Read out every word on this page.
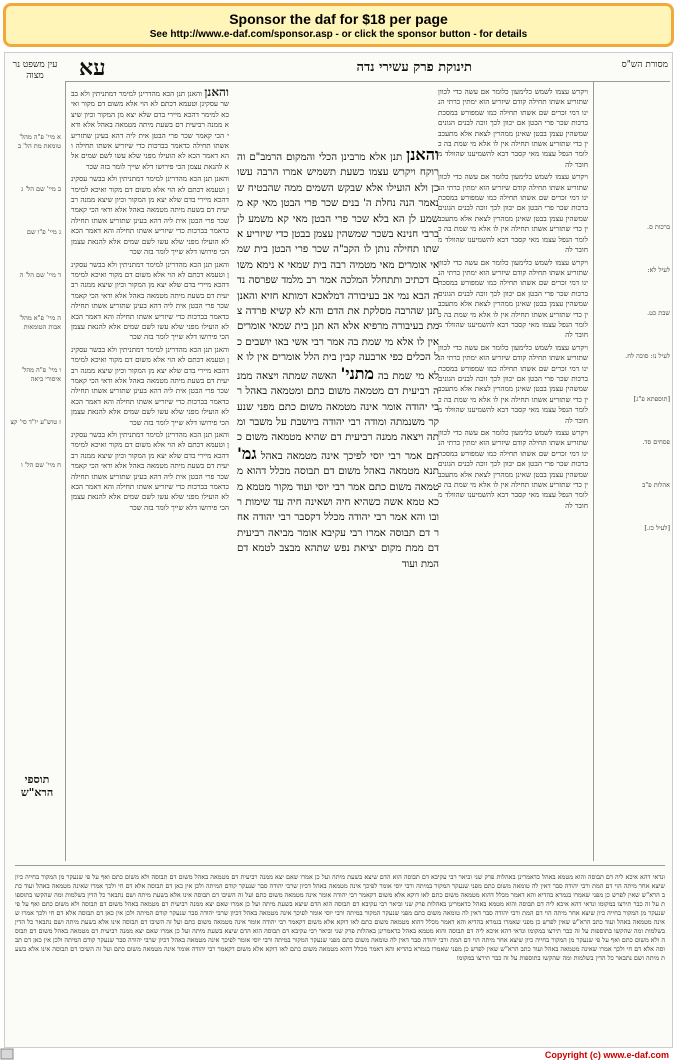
Sponsor the daf for $18 per page
See http://www.e-daf.com/sponsor.asp - or click the sponsor button - for details
מסורת הש"ס
תינוקת פרק עשירי נדה
עא
עין משפט נר מצוה
ברכות ס.
לעיל לא:
שבת כט.
לעיל נו: סוכה לח.
[תוספתא פ"ג]
פסחים סד.
אהלות פ"ב
[לעיל כז.]
א מיי' פ"ה מהל' טומאת מת הל' ב
ב מיי' שם הל' ג
ג מיי' פ"ו שם
ד מיי' שם הל' ה
ה מיי' פ"א מהל' אבות הטומאות
ו מיי' פ"ה מהל' איסורי ביאה
ז טוש"ע יו"ד סי' קצ
ח מיי' שם הל' ו

ויקרש עצמו לשמש כלימעון כלומר אם עשה כדי לכוון שתזריע אשתו תחילה קודם שיזריע הוא ימתין כרתי הנינו דמי זכרים שם אשתו תחילה כמו שמפורש במסכת ברכות שכר פרי הבטן אם יכוון לכך זוכה לבנים הגונים שמשהין עצמן בבטן שאינן ממהרין לצאת אלא מתעכבין כדי שתזריע אשתו תחילה אין לו אלא מי שמת בה כלומר הנפל עצמו מאי קסבר דבא להשמיענו שהוולד מחובר לה

ויקרש עצמו לשמש כלימעון כלומר אם עשה כדי לכוון שתזריע אשתו תחילה קודם שיזריע הוא ימתין כרתי הנינו דמי זכרים שם אשתו תחילה כמו שמפורש במסכת ברכות שכר פרי הבטן אם יכוון לכך זוכה לבנים הגונים שמשהין עצמן בבטן שאינן ממהרין לצאת אלא מתעכבין כדי שתזריע אשתו תחילה אין לו אלא מי שמת בה כלומר הנפל עצמו מאי קסבר דבא להשמיענו שהוולד מחובר לה

ויקרש עצמו לשמש כלימעון כלומר אם עשה כדי לכוון שתזריע אשתו תחילה קודם שיזריע הוא ימתין כרתי הנינו דמי זכרים שם אשתו תחילה כמו שמפורש במסכת ברכות שכר פרי הבטן אם יכוון לכך זוכה לבנים הגונים שמשהין עצמן בבטן שאינן ממהרין לצאת אלא מתעכבין כדי שתזריע אשתו תחילה אין לו אלא מי שמת בה כלומר הנפל עצמו מאי קסבר דבא להשמיענו שהוולד מחובר לה

ויקרש עצמו לשמש כלימעון כלומר אם עשה כדי לכוון שתזריע אשתו תחילה קודם שיזריע הוא ימתין כרתי הנינו דמי זכרים שם אשתו תחילה כמו שמפורש במסכת ברכות שכר פרי הבטן אם יכוון לכך זוכה לבנים הגונים שמשהין עצמן בבטן שאינן ממהרין לצאת אלא מתעכבין כדי שתזריע אשתו תחילה אין לו אלא מי שמת בה כלומר הנפל עצמו מאי קסבר דבא להשמיענו שהוולד מחובר לה

ויקרש עצמו לשמש כלימעון כלומר אם עשה כדי לכוון שתזריע אשתו תחילה קודם שיזריע הוא ימתין כרתי הנינו דמי זכרים שם אשתו תחילה כמו שמפורש במסכת ברכות שכר פרי הבטן אם יכוון לכך זוכה לבנים הגונים שמשהין עצמן בבטן שאינן ממהרין לצאת אלא מתעכבין כדי שתזריע אשתו תחילה אין לו אלא מי שמת בה כלומר הנפל עצמו מאי קסבר דבא להשמיענו שהוולד מחובר לה

והאנן והאנן תנן הכא מהדרינן למימר דמתניתין ולא בבשר עסקינן וטעמא דכתם לא הוי אלא משום דם מקור ואיכא למימר דהכא מיירי בדם שלא יצא מן המקור וכיון שיצא ממנה רביעית דם בשעת מיתה מטמאה באהל אלא ודאי הכי קאמר שכר פרי הבטן אית ליה דהא בעינן שתזריע אשתו תחילה כדאמר בברכות כדי שיזריע אשתו תחילה והא דאמר הכא לא הועילו מפני שלא עשו לשם שמים אלא להנאת עצמן הכי פירושו דלא שייך לומר בזה שכר

והאנן תנן הכא מהדרינן למימר דמתניתין ולא בבשר עסקינן וטעמא דכתם לא הוי אלא משום דם מקור ואיכא למימר דהכא מיירי בדם שלא יצא מן המקור וכיון שיצא ממנה רביעית דם בשעת מיתה מטמאה באהל אלא ודאי הכי קאמר שכר פרי הבטן אית ליה דהא בעינן שתזריע אשתו תחילה כדאמר בברכות כדי שיזריע אשתו תחילה והא דאמר הכא לא הועילו מפני שלא עשו לשם שמים אלא להנאת עצמן הכי פירושו דלא שייך לומר בזה שכר

והאנן תנן הכא מהדרינן למימר דמתניתין ולא בבשר עסקינן וטעמא דכתם לא הוי אלא משום דם מקור ואיכא למימר דהכא מיירי בדם שלא יצא מן המקור וכיון שיצא ממנה רביעית דם בשעת מיתה מטמאה באהל אלא ודאי הכי קאמר שכר פרי הבטן אית ליה דהא בעינן שתזריע אשתו תחילה כדאמר בברכות כדי שיזריע אשתו תחילה והא דאמר הכא לא הועילו מפני שלא עשו לשם שמים אלא להנאת עצמן הכי פירושו דלא שייך לומר בזה שכר

והאנן תנן הכא מהדרינן למימר דמתניתין ולא בבשר עסקינן וטעמא דכתם לא הוי אלא משום דם מקור ואיכא למימר דהכא מיירי בדם שלא יצא מן המקור וכיון שיצא ממנה רביעית דם בשעת מיתה מטמאה באהל אלא ודאי הכי קאמר שכר פרי הבטן אית ליה דהא בעינן שתזריע אשתו תחילה כדאמר בברכות כדי שיזריע אשתו תחילה והא דאמר הכא לא הועילו מפני שלא עשו לשם שמים אלא להנאת עצמן הכי פירושו דלא שייך לומר בזה שכר

והאנן תנן הכא מהדרינן למימר דמתניתין ולא בבשר עסקינן וטעמא דכתם לא הוי אלא משום דם מקור ואיכא למימר דהכא מיירי בדם שלא יצא מן המקור וכיון שיצא ממנה רביעית דם בשעת מיתה מטמאה באהל אלא ודאי הכי קאמר שכר פרי הבטן אית ליה דהא בעינן שתזריע אשתו תחילה כדאמר בברכות כדי שיזריע אשתו תחילה והא דאמר הכא לא הועילו מפני שלא עשו לשם שמים אלא להנאת עצמן הכי פירושו דלא שייך לומר בזה שכר

והאנן תנן אלא מרבינן הכלי והמקום הרמב"ם והרוקח ויקרש עצמו כשעת תשמיש אמרו הרבה עשו כן ולא הועילו אלא שבקש השמים ממה שהבטיח שנאמר הנה נחלת ה' בנים שכר פרי הבטן מאי קא משמע לן הא בלא שכר פרי הבטן מאי קא משמע לן ברבי חנינא בשכר שמשהין עצמן בבטן כדי שיזריע אשתו תחילה נותן לו הקב"ה שכר פרי הבטן בית שמאי אומרים מאי מטמיה רבה בית שמאי א נימא משום דכתיב ותתחלל המלכה אמר רב מלמד שפרסה נדה הבא נמי אב בעיבורה דמלאכא דמותא חזיא והאנן תנן שהרבה מסלקת את הדם והא לא קשיא פרדה צמת בעיבורה מרפיא אלא הא תנן בית שמאי אומרים אין לו אלא מי שמת בה אמר רבי אשי באו יושבים כל הכלים כפי ארבעה קבין בית הלל אומרים אין לו אלא מי שמת בה מתני' האשה שמתה ויצאה ממנה רביעית דם מטמאה משום כתם ומטמאה באהל רבי יהודה אומר אינה מטמאה משום כתם מפני שנעקר משנמתה ומודה רבי יהודה ביושבת על משבר ומתה ויצאה ממנה רביעית דם שהיא מטמאה משום כתם אמר רבי יוסי לפיכך אינה מטמאה באהל גמ' תנא מטמאה באהל משום דם תבוסה מכלל דהוא מטמאה משום כתם אמר רבי יוסי ועוד מקור מטמא מכא טמא אשה כשהיא חיה ושאינה חיה עד שימות רובו והא אמר רבי יהודה מכלל דקסבר רבי יהודה אחר דם תבוסה אמרו רבי עקיבא אומר מביאה רביעית דם ממת מקום יציאת נפש שתהא מבצב לטמא דם המת ועוד
תוספי הרא"ש
ונדאי דהא איכא ליה דם תבוסה והוא מטמא באהל כדאמרינן באהלות פרק שני וביאר רבי עקיבא דם תבוסה הוא הדם שיצא בשעת מיתה ועל כן אמרו שאם יצא ממנה רביעית דם מטמאה באהל משום דם תבוסה ולא משום כתם ואף על פי שנעקר מן המקור בחייה כיון שיצא אחר מיתה הוי דם המת ורבי יהודה סבר דאין לה טומאה משום כתם מפני שנעקר המקור במיתה ורבי יוסי אומר לפיכך אינה מטמאה באהל דכיון שרבי יהודה סבר שנעקר קודם המיתה ולכן אין כאן דם תבוסה אלא דם חי ולכך אמרו שאינה מטמאה באהל ועוד כתב הרא"ש שאין לפרש כן מפני שאמרו בגמרא בהדיא והא דאמר מכלל דהוא מטמאה משום כתם לאו דוקא אלא משום דקאמר רבי יהודה אומר אינה מטמאה משום כתם ועל זה השיבו דם תבוסה אינו אלא בשעת מיתה ושם נתבאר כל הדין בשלמות ומה שהקשו בתוספות על זה כבר תירצו במקומו ונדאי דהא איכא ליה דם תבוסה והוא מטמא באהל כדאמרינן באהלות פרק שני וביאר רבי עקיבא דם תבוסה הוא הדם שיצא בשעת מיתה ועל כן אמרו שאם יצא ממנה רביעית דם מטמאה באהל משום דם תבוסה ולא משום כתם ואף על פי שנעקר מן המקור בחייה כיון שיצא אחר מיתה הוי דם המת ורבי יהודה סבר דאין לה טומאה משום כתם מפני שנעקר המקור במיתה ורבי יוסי אומר לפיכך אינה מטמאה באהל דכיון שרבי יהודה סבר שנעקר קודם המיתה ולכן אין כאן דם תבוסה אלא דם חי ולכך אמרו שאינה מטמאה באהל ועוד כתב הרא"ש שאין לפרש כן מפני שאמרו בגמרא בהדיא והא דאמר מכלל דהוא מטמאה משום כתם לאו דוקא אלא משום דקאמר רבי יהודה אומר אינה מטמאה משום כתם ועל זה השיבו דם תבוסה אינו אלא בשעת מיתה ושם נתבאר כל הדין בשלמות ומה שהקשו בתוספות על זה כבר תירצו במקומו ונדאי דהא איכא ליה דם תבוסה והוא מטמא באהל כדאמרינן באהלות פרק שני וביאר רבי עקיבא דם תבוסה הוא הדם שיצא בשעת מיתה ועל כן אמרו שאם יצא ממנה רביעית דם מטמאה באהל משום דם תבוסה ולא משום כתם ואף על פי שנעקר מן המקור בחייה כיון שיצא אחר מיתה הוי דם המת ורבי יהודה סבר דאין לה טומאה משום כתם מפני שנעקר המקור במיתה ורבי יוסי אומר לפיכך אינה מטמאה באהל דכיון שרבי יהודה סבר שנעקר קודם המיתה ולכן אין כאן דם תבוסה אלא דם חי ולכך אמרו שאינה מטמאה באהל ועוד כתב הרא"ש שאין לפרש כן מפני שאמרו בגמרא בהדיא והא דאמר מכלל דהוא מטמאה משום כתם לאו דוקא אלא משום דקאמר רבי יהודה אומר אינה מטמאה משום כתם ועל זה השיבו דם תבוסה אינו אלא בשעת מיתה ושם נתבאר כל הדין בשלמות ומה שהקשו בתוספות על זה כבר תירצו במקומו
Copyright (c) www.e-daf.com
